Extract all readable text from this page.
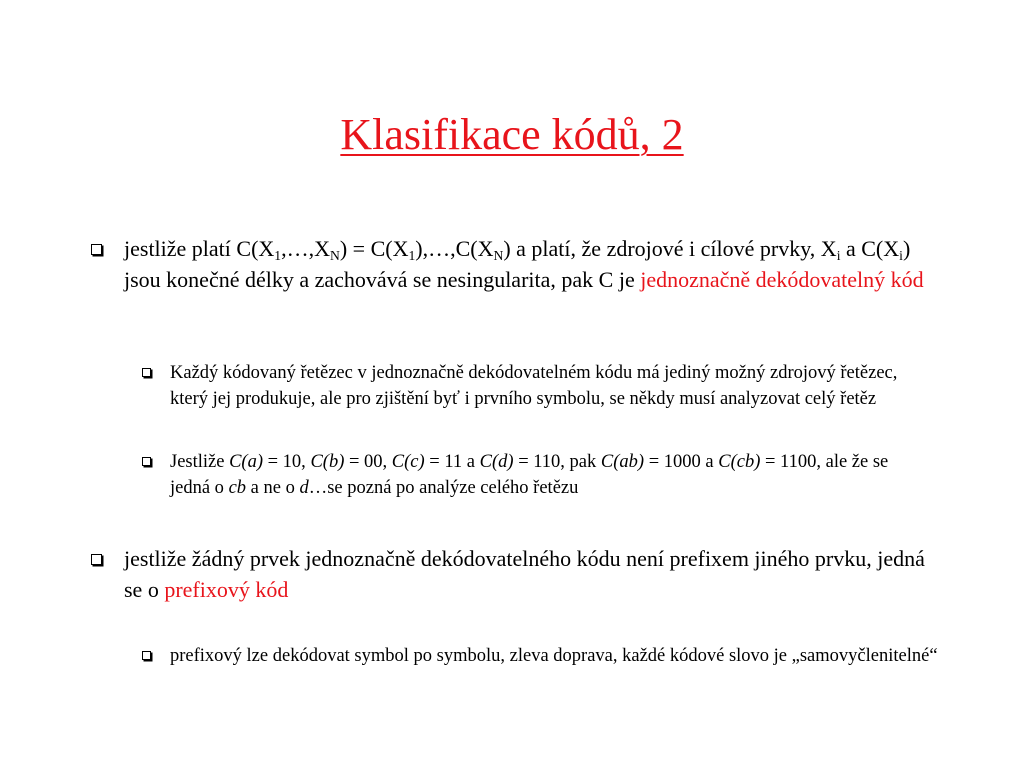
Klasifikace kódů, 2
jestliže platí $C(X_1,\dots,X_N)$ = $C(X_1),\dots,C(X_N)$ a platí, že zdrojové i cílové prvky, $X_i$ a $C(X_i)$ jsou konečné délky a zachovává se nesingularita, pak C je jednoznačně dekódovatelný kód
Každý kódovaný řetězec v jednoznačně dekódovatelném kódu má jediný možný zdrojový řetězec, který jej produkuje, ale pro zjištění byť i prvního symbolu, se někdy musí analyzovat celý řetěz
Jestliže C(a) = 10, C(b) = 00, C(c) = 11 a C(d) = 110, pak C(ab) = 1000 a C(cb) = 1100, ale že se jedná o cb a ne o d…se pozná po analýze celého řetězu
jestliže žádný prvek jednoznačně dekódovatelného kódu není prefixem jiného prvku, jedná se o prefixový kód
prefixový lze dekódovat symbol po symbolu, zleva doprava, každé kódové slovo je „samovyčlenitelné“
